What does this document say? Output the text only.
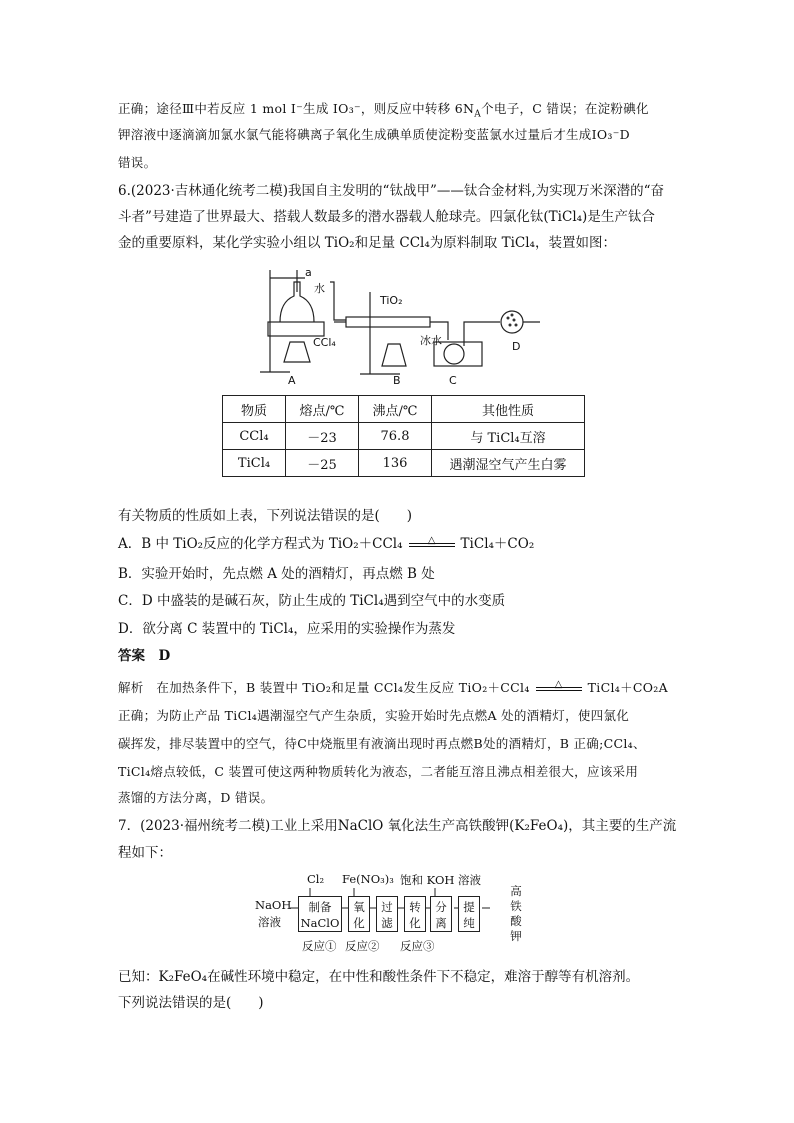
正确；途径Ⅲ中若反应 1 mol I⁻生成 IO₃⁻，则反应中转移 $6N_A$个电子，C 错误；在淀粉碘化

钾溶液中逐滴滴加氯水氯气能将碘离子氧化生成碘单质使淀粉变蓝氯水过量后才生成IO₃⁻D

错误。

6.(2023·吉林通化统考二模)我国自主发明的“钛战甲”——钛合金材料,为实现万米深潜的“奋

斗者”号建造了世界最大、搭载人数最多的潜水器载人舱球壳。四氯化钛(TiCl₄)是生产钛合

金的重要原料，某化学实验小组以 TiO₂和足量 CCl₄为原料制取 TiCl₄，装置如图：

a
水
CCl₄
TiO₂
冰水	D
A	B	C
物质	熔点/℃	沸点/℃	其他性质
CCl₄	－23	76.8	与 TiCl₄互溶
TiCl₄	－25	136	遇潮湿空气产生白雾

有关物质的性质如上表，下列说法错误的是(　　)

A．B 中 TiO₂反应的化学方程式为 TiO₂＋CCl₄	△	TiCl₄＋CO₂

B．实验开始时，先点燃 A 处的酒精灯，再点燃 B 处

C．D 中盛装的是碱石灰，防止生成的 TiCl₄遇到空气中的水变质

D．欲分离 C 装置中的 TiCl₄，应采用的实验操作为蒸发

答案　D

解析　在加热条件下，B 装置中 TiO₂和足量 CCl₄发生反应 TiO₂＋CCl₄	△	TiCl₄＋CO₂A

正确；为防止产品 TiCl₄遇潮湿空气产生杂质，实验开始时先点燃A 处的酒精灯，使四氯化

碳挥发，排尽装置中的空气，待C中烧瓶里有液滴出现时再点燃B处的酒精灯，B 正确;CCl₄、

TiCl₄熔点较低，C 装置可使这两种物质转化为液态，二者能互溶且沸点相差很大，应该采用

蒸馏的方法分离，D 错误。

7．(2023·福州统考二模)工业上采用NaClO 氧化法生产高铁酸钾(K₂FeO₄)，其主要的生产流

程如下：

Cl₂ Fe(NO₃)₃ 饱和 KOH 溶液
NaOH
溶液
制备
NaClO
氧
化
过
滤
转
化
分
离
提
纯
高
铁
酸
钾
反应① 反应② 反应③

已知：K₂FeO₄在碱性环境中稳定，在中性和酸性条件下不稳定，难溶于醇等有机溶剂。

下列说法错误的是(　　)
